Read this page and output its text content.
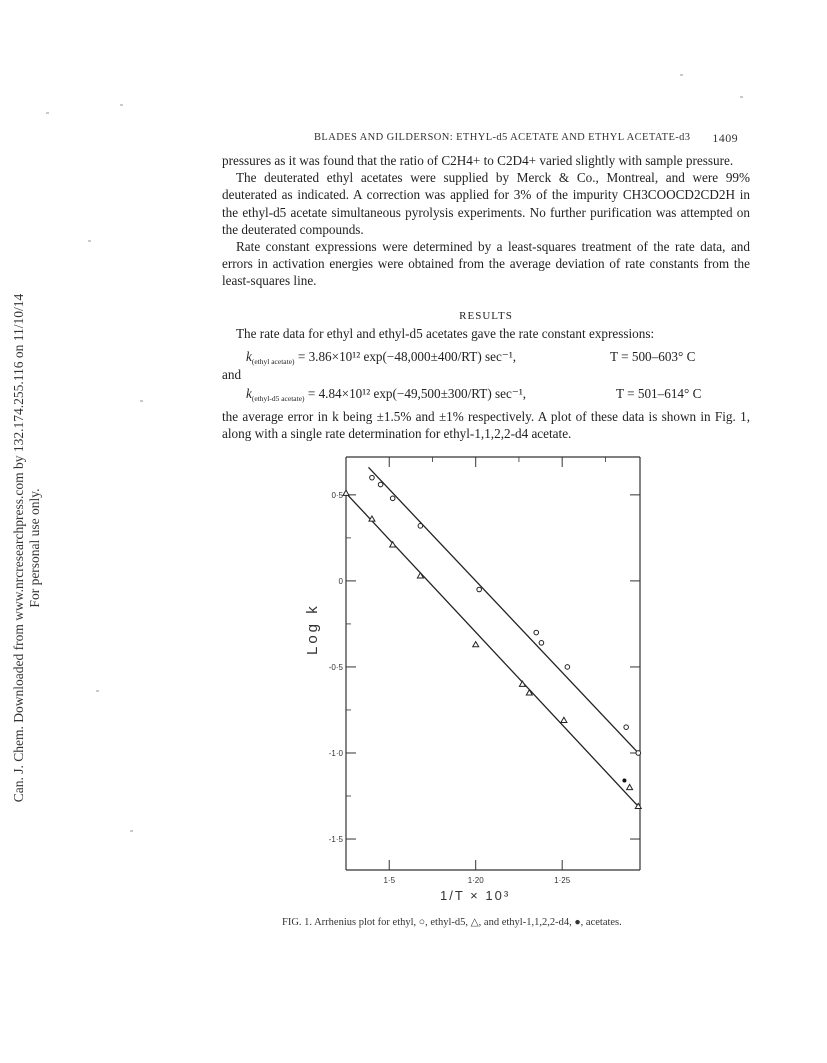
Can. J. Chem. Downloaded from www.nrcresearchpress.com by 132.174.255.116 on 11/10/14 For personal use only.
BLADES AND GILDERSON: ETHYL-d5 ACETATE AND ETHYL ACETATE-d3 1409

pressures as it was found that the ratio of C2H4+ to C2D4+ varied slightly with sample pressure.

The deuterated ethyl acetates were supplied by Merck & Co., Montreal, and were 99% deuterated as indicated. A correction was applied for 3% of the impurity CH3COOCD2CD2H in the ethyl-d5 acetate simultaneous pyrolysis experiments. No further purification was attempted on the deuterated compounds.

Rate constant expressions were determined by a least-squares treatment of the rate data, and errors in activation energies were obtained from the average deviation of rate constants from the least-squares line.

RESULTS
The rate data for ethyl and ethyl-d5 acetates gave the rate constant expressions:
$k_{(ethyl acetate)} = 3.86\times 10^{12}$ exp(−48,000±400/RT) sec⁻¹,	T = 500–603° C
and
$k_{(ethyl-d5 acetate)} = 4.84\times 10^{12}$ exp(−49,500±300/RT) sec⁻¹,	T = 501–614° C

the average error in k being ±1.5% and ±1% respectively. A plot of these data is shown in Fig. 1, along with a single rate determination for ethyl-1,1,2,2-d4 acetate.

1·5	1·20	1·25
0·5
0
-0·5
-1·0
-1·5
Log k
1/T × 10³
FIG. 1. Arrhenius plot for ethyl, ○, ethyl-d5, △, and ethyl-1,1,2,2-d4, ●, acetates.
